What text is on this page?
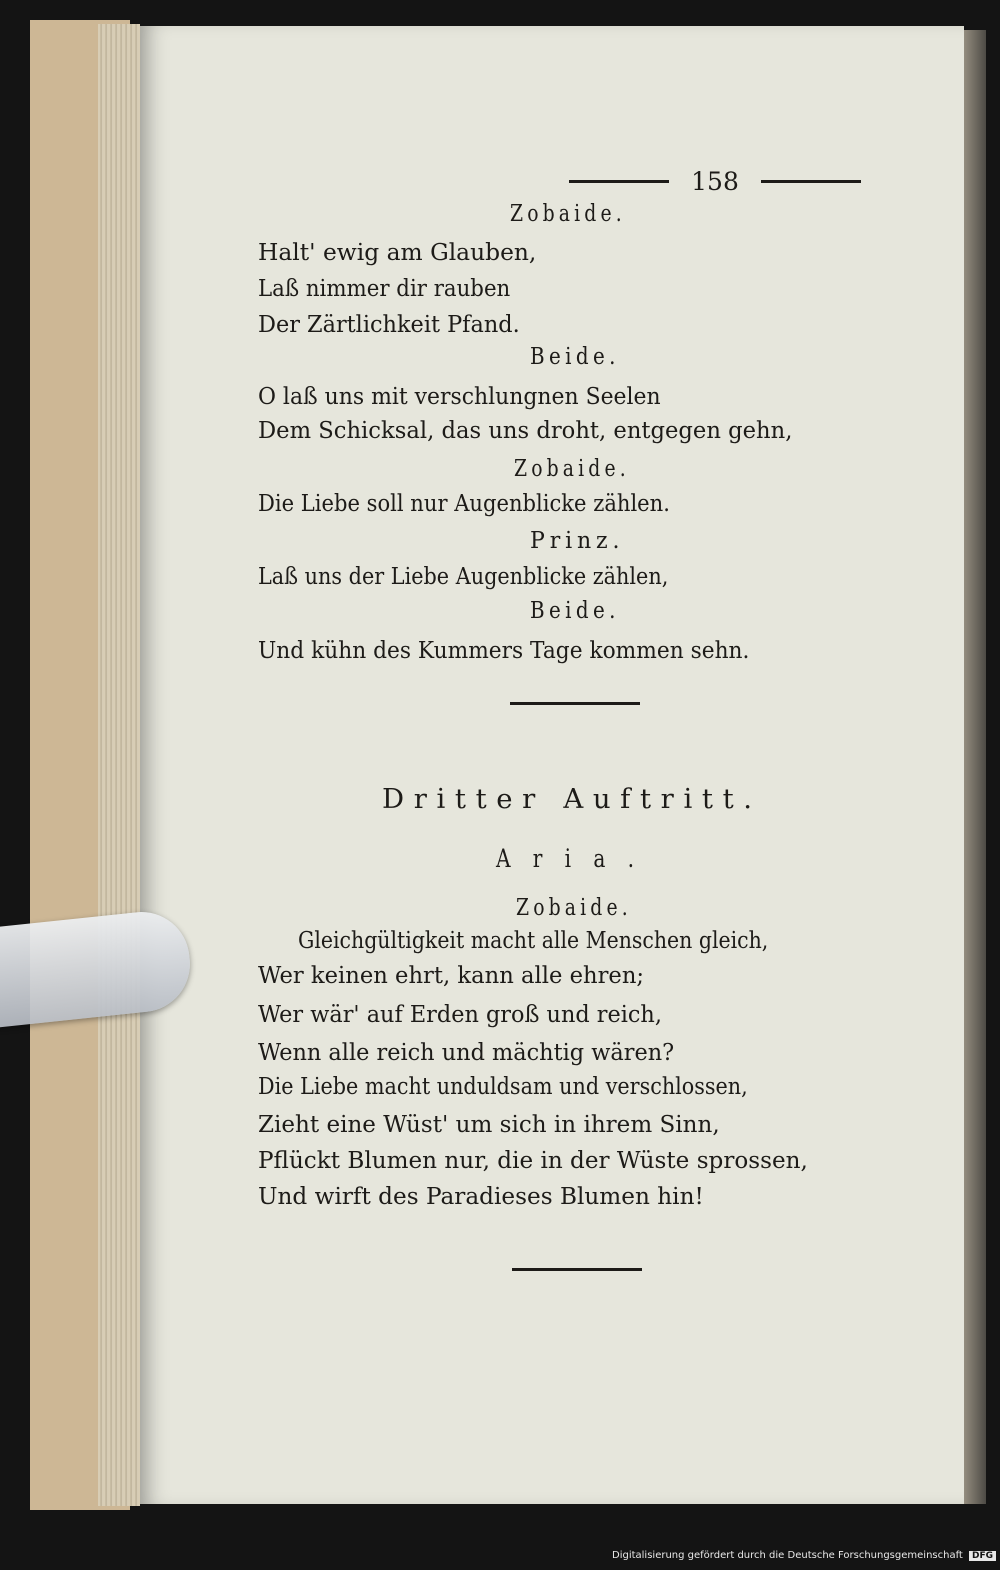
158
Zobaide.
Halt' ewig am Glauben,
Laß nimmer dir rauben
Der Zärtlichkeit Pfand.
Beide.
O laß uns mit verschlungnen Seelen
Dem Schicksal, das uns droht, entgegen gehn,
Zobaide.
Die Liebe soll nur Augenblicke zählen.
Prinz.
Laß uns der Liebe Augenblicke zählen,
Beide.
Und kühn des Kummers Tage kommen sehn.
Dritter Auftritt.
Aria.
Zobaide.
Gleichgültigkeit macht alle Menschen gleich,
Wer keinen ehrt, kann alle ehren;
Wer wär' auf Erden groß und reich,
Wenn alle reich und mächtig wären?
Die Liebe macht unduldsam und verschlossen,
Zieht eine Wüst' um sich in ihrem Sinn,
Pflückt Blumen nur, die in der Wüste sprossen,
Und wirft des Paradieses Blumen hin!
Digitalisierung gefördert durch die Deutsche Forschungsgemeinschaft DFG
